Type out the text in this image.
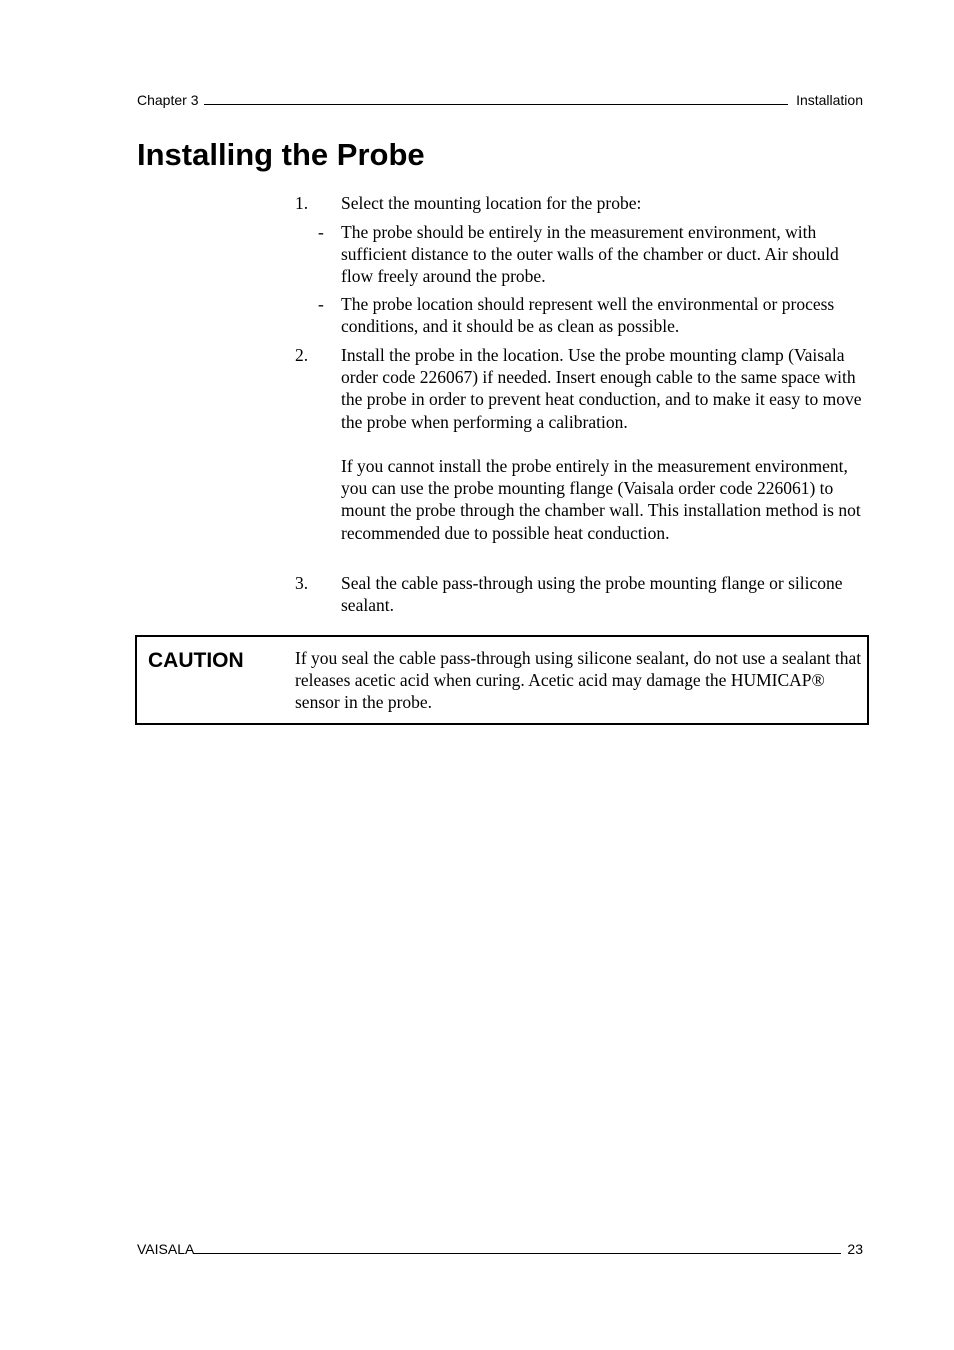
Chapter 3	Installation
Installing the Probe
1. Select the mounting location for the probe:
- The probe should be entirely in the measurement environment, with sufficient distance to the outer walls of the chamber or duct. Air should flow freely around the probe.
- The probe location should represent well the environmental or process conditions, and it should be as clean as possible.
2. Install the probe in the location. Use the probe mounting clamp (Vaisala order code 226067) if needed. Insert enough cable to the same space with the probe in order to prevent heat conduction, and to make it easy to move the probe when performing a calibration.
If you cannot install the probe entirely in the measurement environment, you can use the probe mounting flange (Vaisala order code 226061) to mount the probe through the chamber wall. This installation method is not recommended due to possible heat conduction.
3. Seal the cable pass-through using the probe mounting flange or silicone sealant.
CAUTION	If you seal the cable pass-through using silicone sealant, do not use a sealant that releases acetic acid when curing. Acetic acid may damage the HUMICAP® sensor in the probe.
VAISALA	23
